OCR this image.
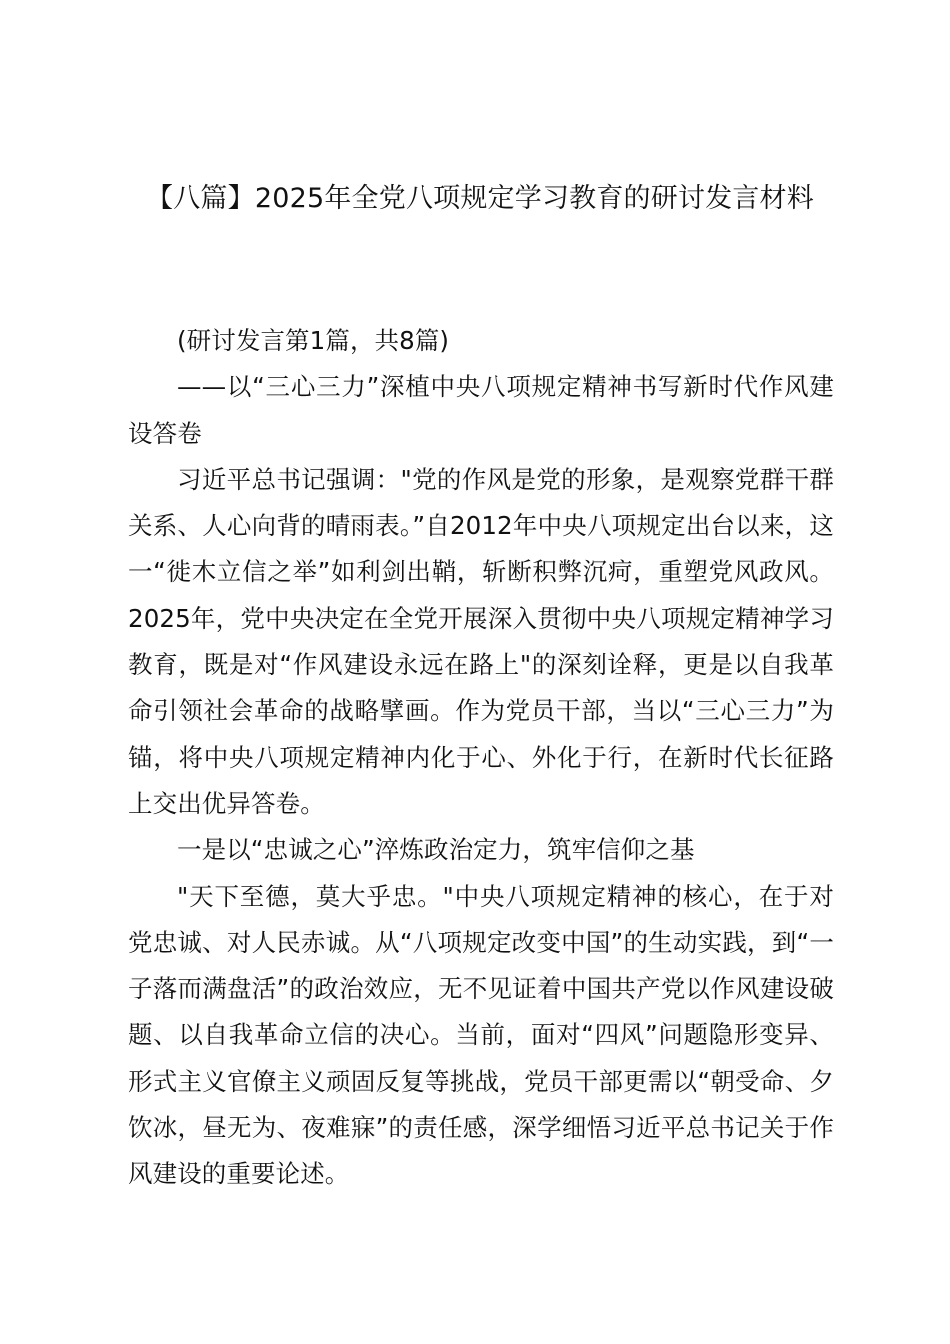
【八篇】2025年全党八项规定学习教育的研讨发言材料

(研讨发言第1篇，共8篇)

——以“三心三力”深植中央八项规定精神书写新时代作风建设答卷

习近平总书记强调："党的作风是党的形象，是观察党群干群关系、人心向背的晴雨表。”自2012年中央八项规定出台以来，这一“徙木立信之举”如利剑出鞘，斩断积弊沉疴，重塑党风政风。2025年，党中央决定在全党开展深入贯彻中央八项规定精神学习教育，既是对“作风建设永远在路上"的深刻诠释，更是以自我革命引领社会革命的战略擘画。作为党员干部，当以“三心三力”为锚，将中央八项规定精神内化于心、外化于行，在新时代长征路上交出优异答卷。

一是以“忠诚之心”淬炼政治定力，筑牢信仰之基

"天下至德，莫大乎忠。"中央八项规定精神的核心，在于对党忠诚、对人民赤诚。从“八项规定改变中国”的生动实践，到“一子落而满盘活”的政治效应，无不见证着中国共产党以作风建设破题、以自我革命立信的决心。当前，面对“四风”问题隐形变异、形式主义官僚主义顽固反复等挑战，党员干部更需以“朝受命、夕饮冰，昼无为、夜难寐”的责任感，深学细悟习近平总书记关于作风建设的重要论述。
